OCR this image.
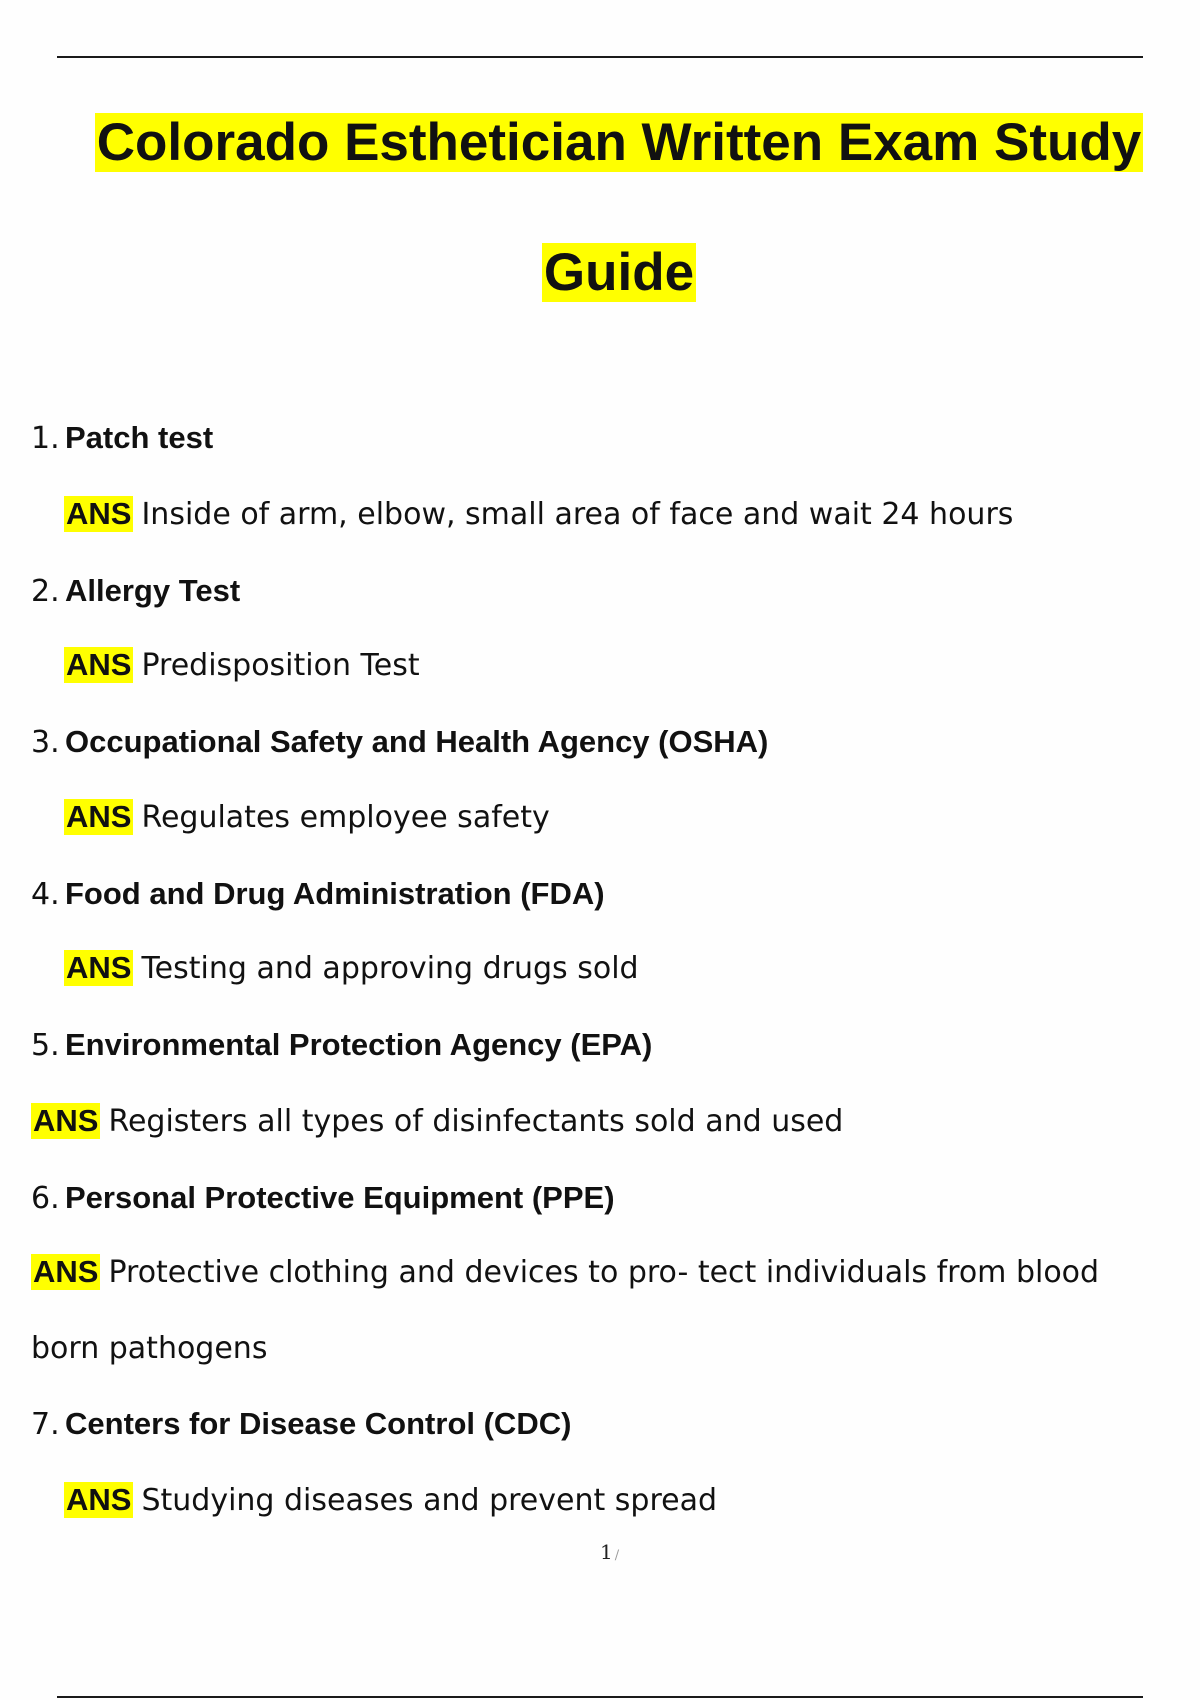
Colorado Esthetician Written Exam Study
Guide
1. Patch test
ANS Inside of arm, elbow, small area of face and wait 24 hours
2. Allergy Test
ANS Predisposition Test
3. Occupational Safety and Health Agency (OSHA)
ANS Regulates employee safety
4. Food and Drug Administration (FDA)
ANS Testing and approving drugs sold
5. Environmental Protection Agency (EPA)
ANS Registers all types of disinfectants sold and used
6. Personal Protective Equipment (PPE)
ANS Protective clothing and devices to pro- tect individuals from blood
born pathogens
7. Centers for Disease Control (CDC)
ANS Studying diseases and prevent spread
1 /
